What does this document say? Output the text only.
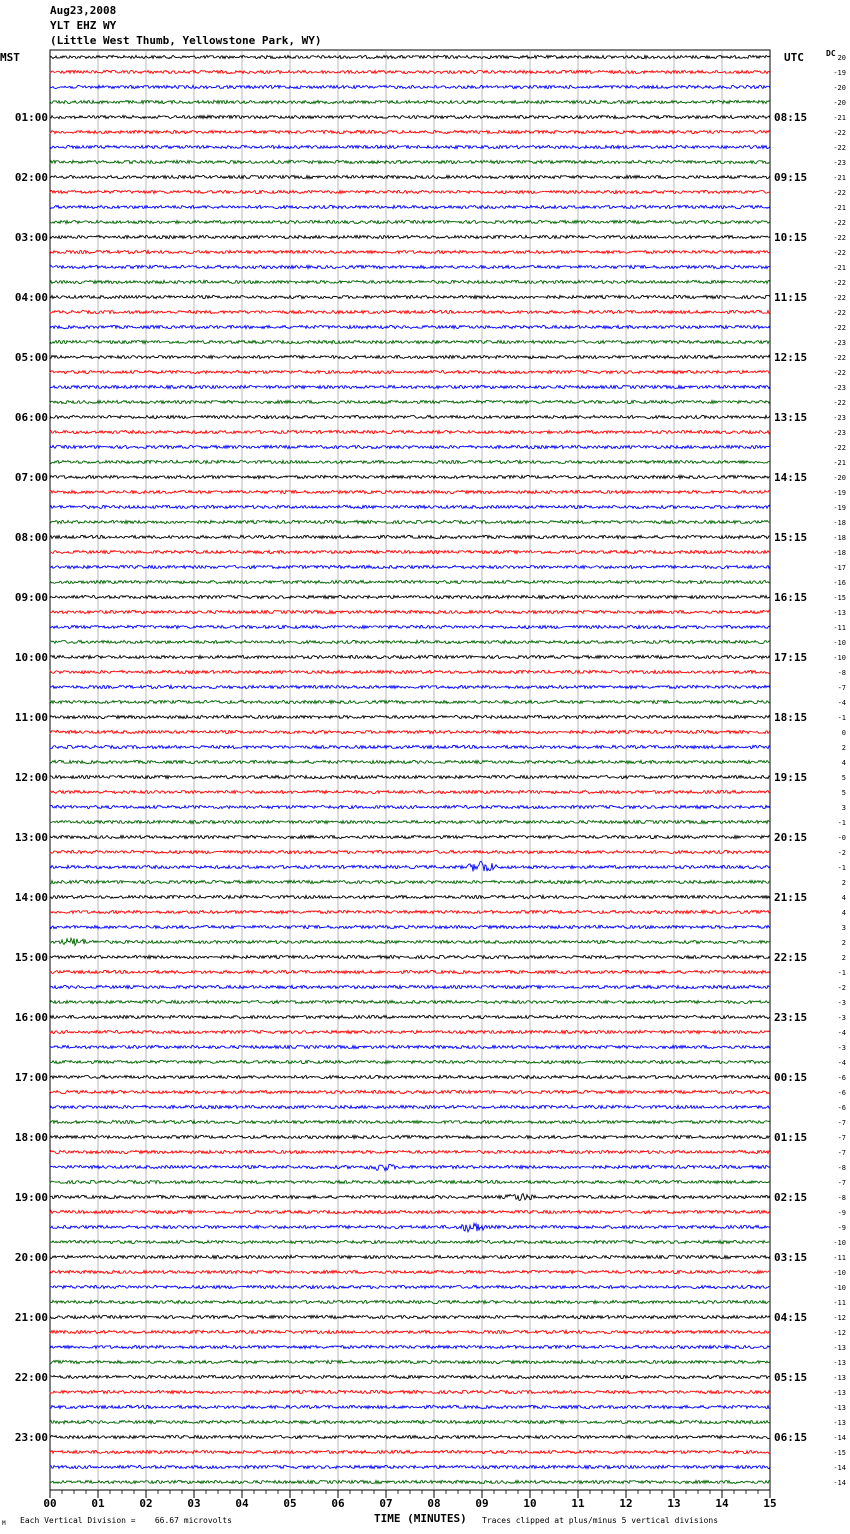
Aug23,2008
YLT EHZ WY
(Little West Thumb, Yellowstone Park, WY)
MST	UTC	DC 20
-19
-20
-20
-21
-22
-22
-23
-21
-22
-21
-22
-22
-22
-21
-22
-22
-22
-22
-23
-22
-22
-23
-22
-23
-23
-22
-21
-20
-19
-19
-18
-18
-18
-17
-16
-15
-13
-11
-10
-10
-8
-7
-4
-1
0
2
4
5
5
3
-1
-0
-2
-1
2
4
4
3
2
2
-1
-2
-3
-3
-4
-3
-4
-6
-6
-6
-7
-7
-7
-8
-7
-8
-9
-9
-10
-11
-10
-10
-11
-12
-12
-13
-13
-13
-13
-13
-13
-14
-15
-14
-14
01:00	08:15
02:00	09:15
03:00	10:15
04:00	11:15
05:00	12:15
06:00	13:15
07:00	14:15
08:00	15:15
09:00	16:15
10:00	17:15
11:00	18:15
12:00	19:15
13:00	20:15
14:00	21:15
15:00	22:15
16:00	23:15
17:00	00:15
18:00	01:15
19:00	02:15
20:00	03:15
21:00	04:15
22:00	05:15
23:00	06:15
00	01	02	03	04	05	06	07	08	09	10	11	12	13	14	15
TIME (MINUTES)
Each Vertical Division =    66.67 microvolts	Traces clipped at plus/minus 5 vertical divisions
M
